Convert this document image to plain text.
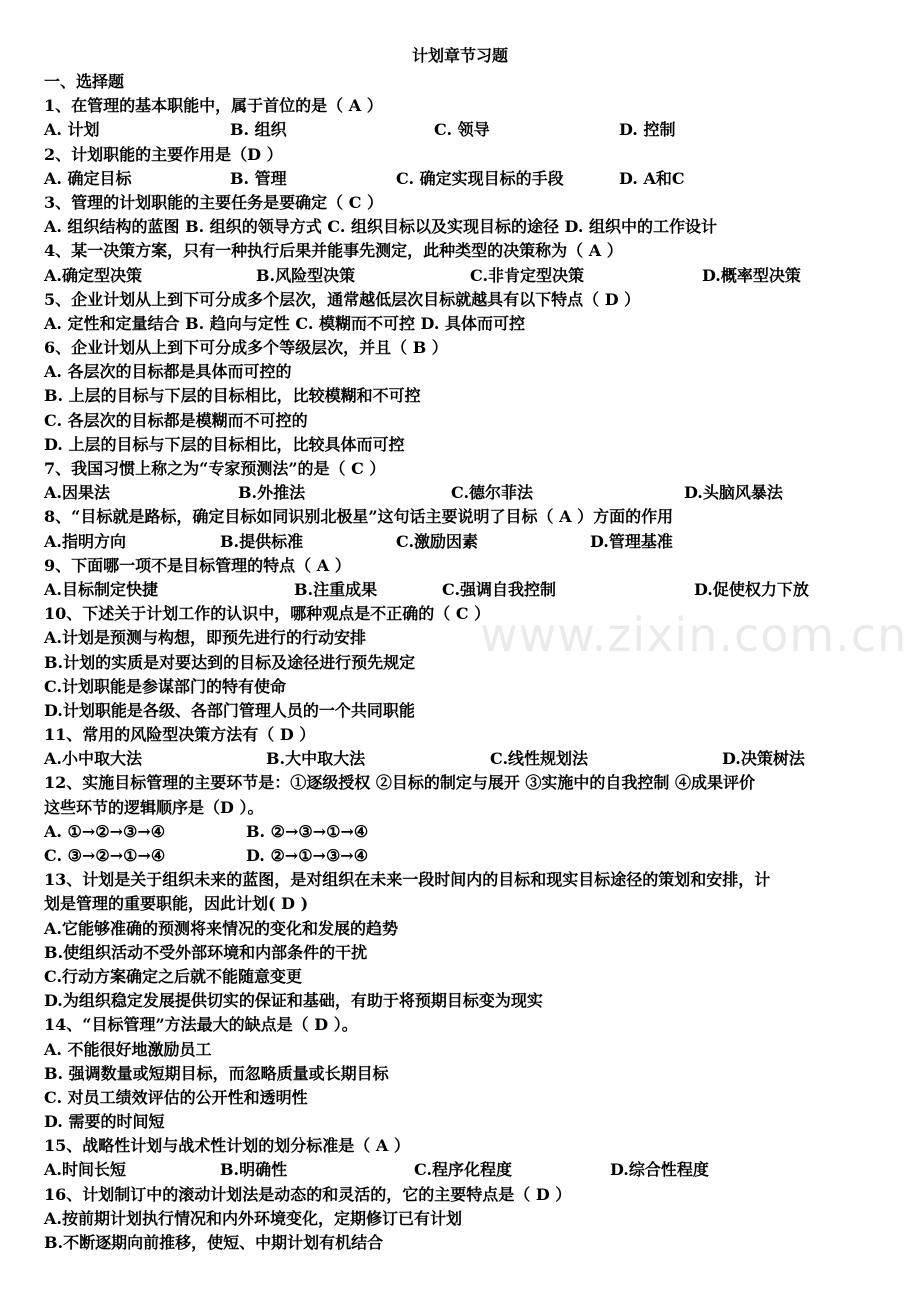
计划章节习题
www.zixin.com.cn
一、选择题
1、在管理的基本职能中，属于首位的是（ A ）
A. 计划	B. 组织	C. 领导	D. 控制
2、计划职能的主要作用是（D ）
A. 确定目标	B. 管理	C. 确定实现目标的手段	D. A和C
3、管理的计划职能的主要任务是要确定（ C ）
A. 组织结构的蓝图 B. 组织的领导方式 C. 组织目标以及实现目标的途径 D. 组织中的工作设计
4、某一决策方案，只有一种执行后果并能事先测定，此种类型的决策称为（ A ）
A.确定型决策	B.风险型决策	C.非肯定型决策	D.概率型决策
5、企业计划从上到下可分成多个层次，通常越低层次目标就越具有以下特点（ D ）
A. 定性和定量结合 B. 趋向与定性 C. 模糊而不可控 D. 具体而可控
6、企业计划从上到下可分成多个等级层次，并且（ B ）
A. 各层次的目标都是具体而可控的
B. 上层的目标与下层的目标相比，比较模糊和不可控
C. 各层次的目标都是模糊而不可控的
D. 上层的目标与下层的目标相比，比较具体而可控
7、我国习惯上称之为“专家预测法”的是（ C ）
A.因果法	B.外推法	C.德尔菲法	D.头脑风暴法
8、“目标就是路标，确定目标如同识别北极星”这句话主要说明了目标（ A ）方面的作用
A.指明方向	B.提供标准	C.激励因素	D.管理基准
9、下面哪一项不是目标管理的特点（ A ）
A.目标制定快捷	B.注重成果	C.强调自我控制	D.促使权力下放
10、下述关于计划工作的认识中，哪种观点是不正确的（ C ）
A.计划是预测与构想，即预先进行的行动安排
B.计划的实质是对要达到的目标及途径进行预先规定
C.计划职能是参谋部门的特有使命
D.计划职能是各级、各部门管理人员的一个共同职能
11、常用的风险型决策方法有（ D ）
A.小中取大法	B.大中取大法	C.线性规划法	D.决策树法
12、实施目标管理的主要环节是：①逐级授权 ②目标的制定与展开 ③实施中的自我控制 ④成果评价
这些环节的逻辑顺序是（D ）。
A. ①→②→③→④	B. ②→③→①→④
C. ③→②→①→④	D. ②→①→③→④
13、计划是关于组织未来的蓝图，是对组织在未来一段时间内的目标和现实目标途径的策划和安排，计
划是管理的重要职能，因此计划( D )
A.它能够准确的预测将来情况的变化和发展的趋势
B.使组织活动不受外部环境和内部条件的干扰
C.行动方案确定之后就不能随意变更
D.为组织稳定发展提供切实的保证和基础，有助于将预期目标变为现实
14、“目标管理”方法最大的缺点是（ D ）。
A. 不能很好地激励员工
B. 强调数量或短期目标，而忽略质量或长期目标
C. 对员工绩效评估的公开性和透明性
D. 需要的时间短
15、战略性计划与战术性计划的划分标准是（ A ）
A.时间长短	B.明确性	C.程序化程度	D.综合性程度
16、计划制订中的滚动计划法是动态的和灵活的，它的主要特点是（ D ）
A.按前期计划执行情况和内外环境变化，定期修订已有计划
B.不断逐期向前推移，使短、中期计划有机结合
